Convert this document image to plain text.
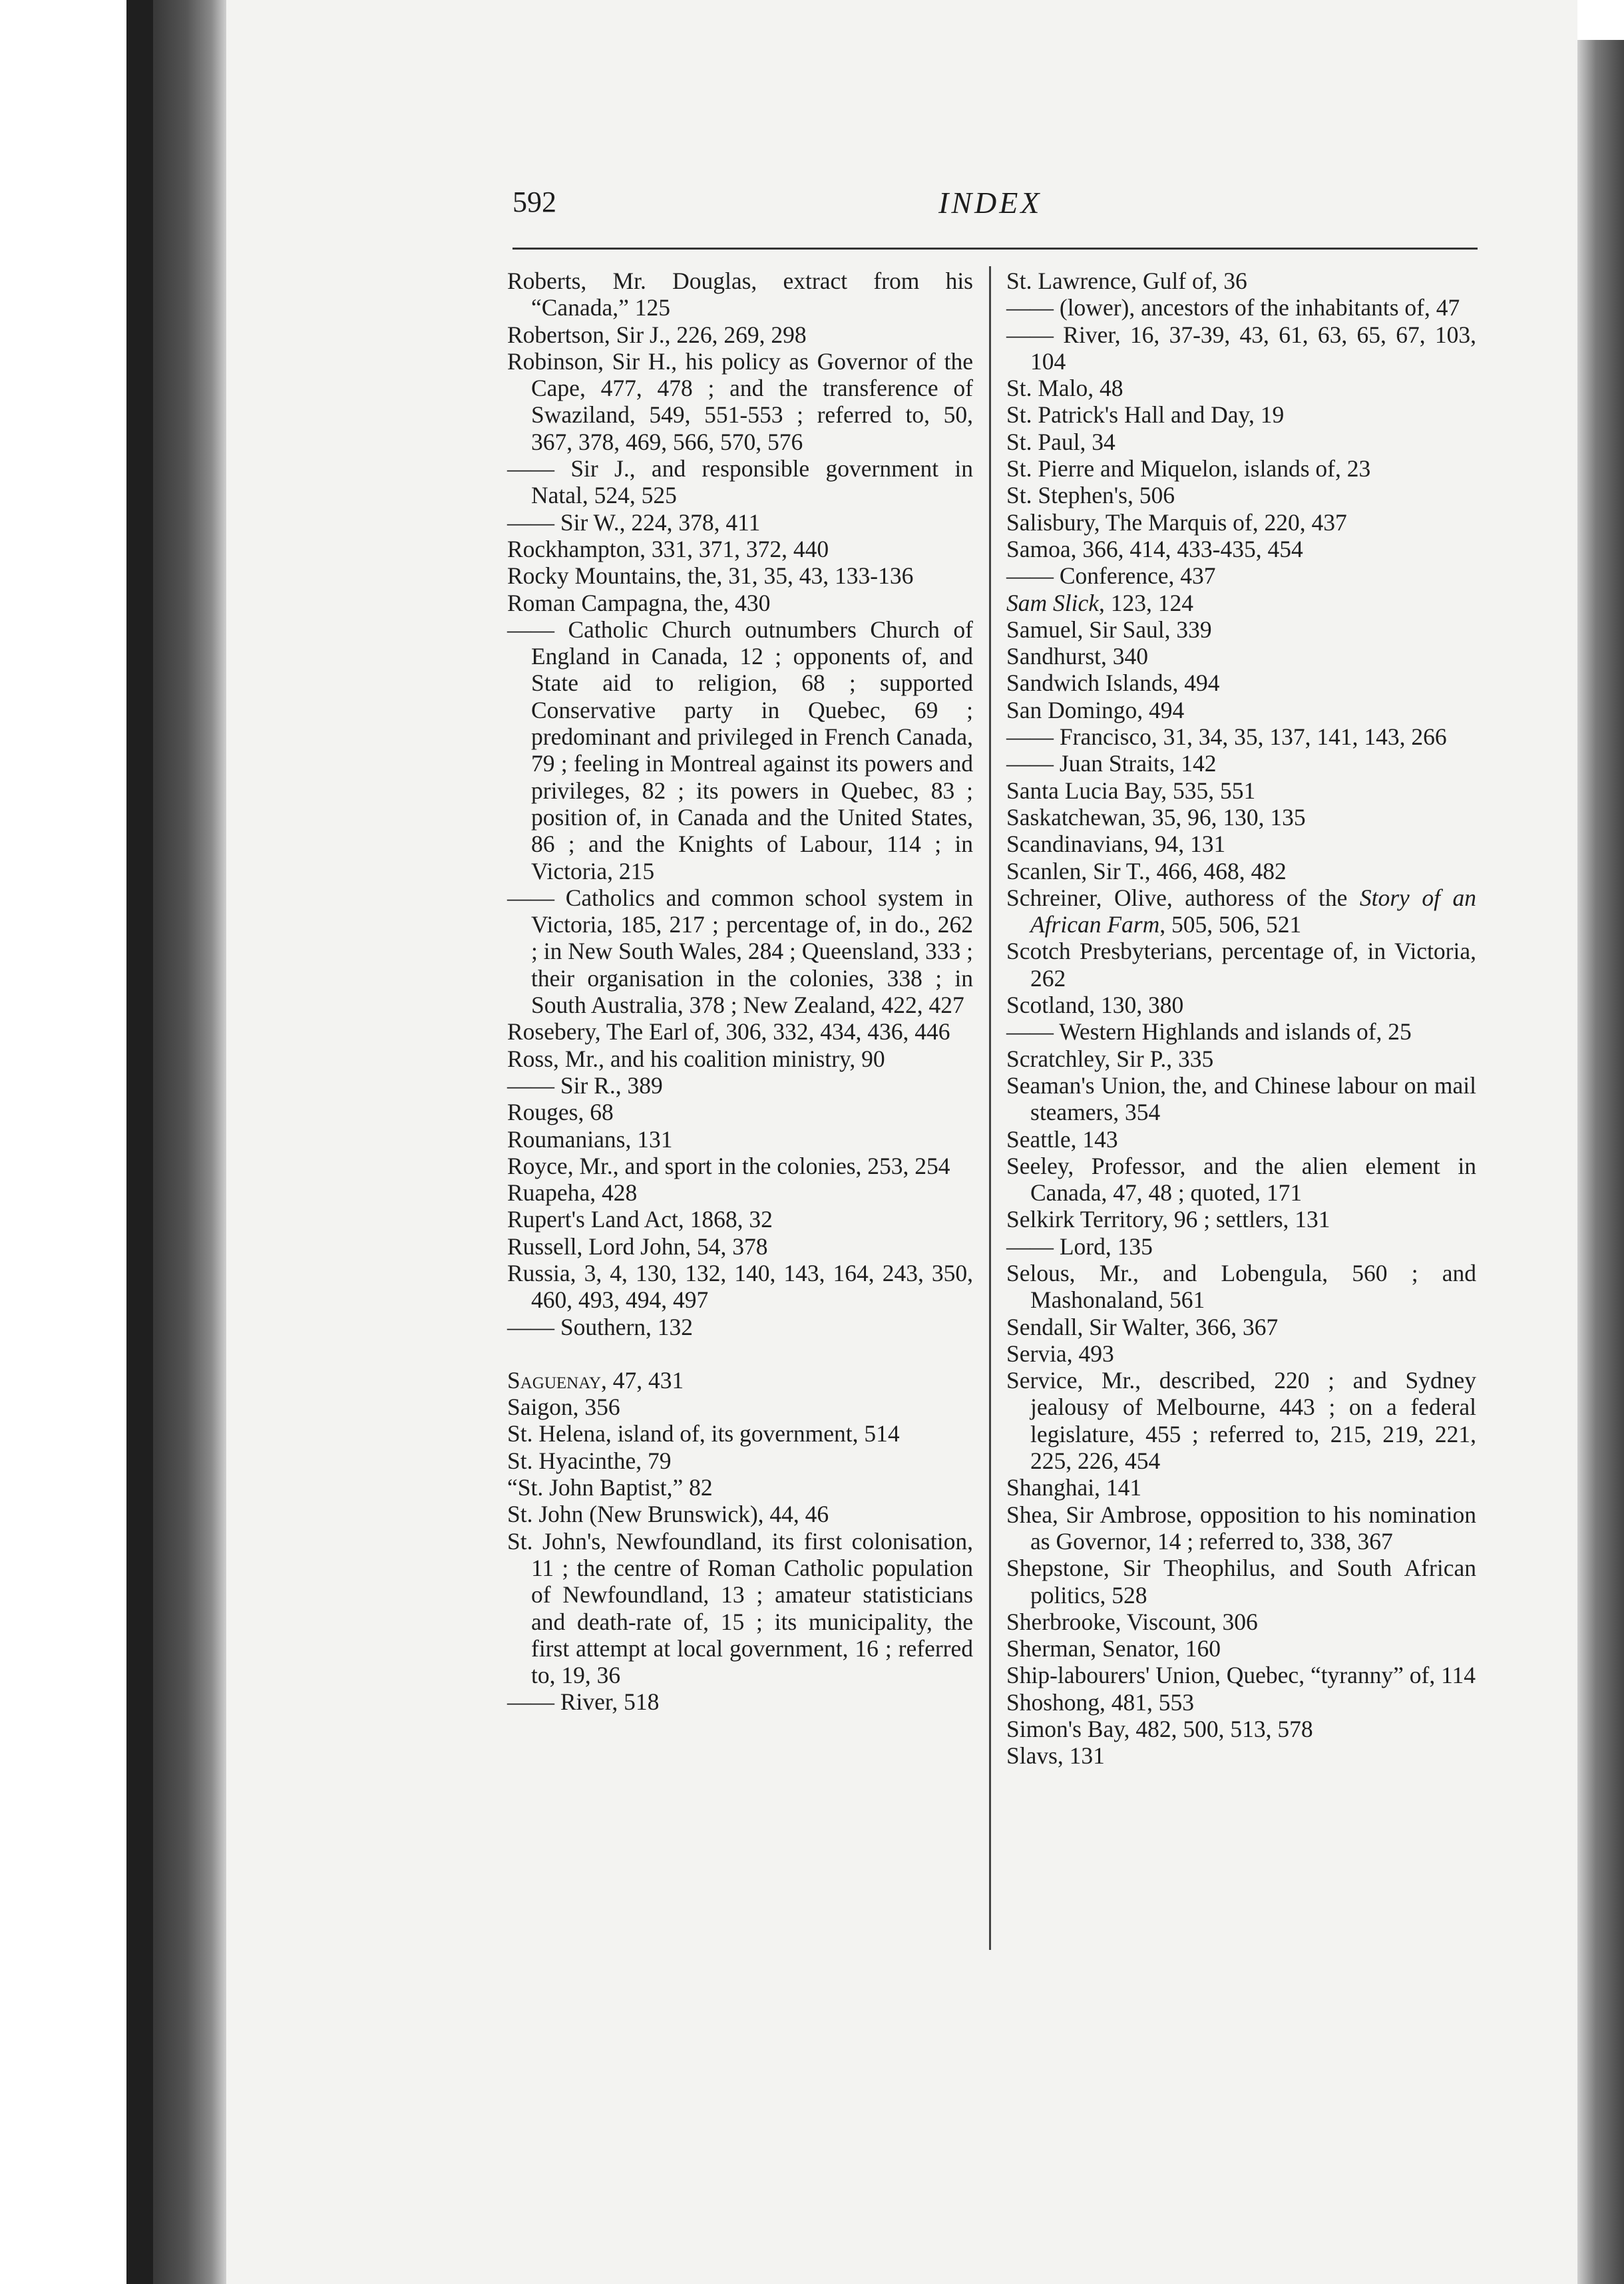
592	INDEX
Roberts, Mr. Douglas, extract from his “Canada,” 125
Robertson, Sir J., 226, 269, 298
Robinson, Sir H., his policy as Governor of the Cape, 477, 478 ; and the transference of Swaziland, 549, 551-553 ; referred to, 50, 367, 378, 469, 566, 570, 576
—— Sir J., and responsible government in Natal, 524, 525
—— Sir W., 224, 378, 411
Rockhampton, 331, 371, 372, 440
Rocky Mountains, the, 31, 35, 43, 133-136
Roman Campagna, the, 430
—— Catholic Church outnumbers Church of England in Canada, 12 ; opponents of, and State aid to religion, 68 ; supported Conservative party in Quebec, 69 ; predominant and privileged in French Canada, 79 ; feeling in Montreal against its powers and privileges, 82 ; its powers in Quebec, 83 ; position of, in Canada and the United States, 86 ; and the Knights of Labour, 114 ; in Victoria, 215
—— Catholics and common school system in Victoria, 185, 217 ; percentage of, in do., 262 ; in New South Wales, 284 ; Queensland, 333 ; their organisation in the colonies, 338 ; in South Australia, 378 ; New Zealand, 422, 427
Rosebery, The Earl of, 306, 332, 434, 436, 446
Ross, Mr., and his coalition ministry, 90
—— Sir R., 389
Rouges, 68
Roumanians, 131
Royce, Mr., and sport in the colonies, 253, 254
Ruapeha, 428
Rupert's Land Act, 1868, 32
Russell, Lord John, 54, 378
Russia, 3, 4, 130, 132, 140, 143, 164, 243, 350, 460, 493, 494, 497
—— Southern, 132
Saguenay, 47, 431
Saigon, 356
St. Helena, island of, its government, 514
St. Hyacinthe, 79
“St. John Baptist,” 82
St. John (New Brunswick), 44, 46
St. John's, Newfoundland, its first colonisation, 11 ; the centre of Roman Catholic population of Newfoundland, 13 ; amateur statisticians and death-rate of, 15 ; its municipality, the first attempt at local government, 16 ; referred to, 19, 36
—— River, 518
St. Lawrence, Gulf of, 36
—— (lower), ancestors of the inhabitants of, 47
—— River, 16, 37-39, 43, 61, 63, 65, 67, 103, 104
St. Malo, 48
St. Patrick's Hall and Day, 19
St. Paul, 34
St. Pierre and Miquelon, islands of, 23
St. Stephen's, 506
Salisbury, The Marquis of, 220, 437
Samoa, 366, 414, 433-435, 454
—— Conference, 437
Sam Slick, 123, 124
Samuel, Sir Saul, 339
Sandhurst, 340
Sandwich Islands, 494
San Domingo, 494
—— Francisco, 31, 34, 35, 137, 141, 143, 266
—— Juan Straits, 142
Santa Lucia Bay, 535, 551
Saskatchewan, 35, 96, 130, 135
Scandinavians, 94, 131
Scanlen, Sir T., 466, 468, 482
Schreiner, Olive, authoress of the Story of an African Farm, 505, 506, 521
Scotch Presbyterians, percentage of, in Victoria, 262
Scotland, 130, 380
—— Western Highlands and islands of, 25
Scratchley, Sir P., 335
Seaman's Union, the, and Chinese labour on mail steamers, 354
Seattle, 143
Seeley, Professor, and the alien element in Canada, 47, 48 ; quoted, 171
Selkirk Territory, 96 ; settlers, 131
—— Lord, 135
Selous, Mr., and Lobengula, 560 ; and Mashonaland, 561
Sendall, Sir Walter, 366, 367
Servia, 493
Service, Mr., described, 220 ; and Sydney jealousy of Melbourne, 443 ; on a federal legislature, 455 ; referred to, 215, 219, 221, 225, 226, 454
Shanghai, 141
Shea, Sir Ambrose, opposition to his nomination as Governor, 14 ; referred to, 338, 367
Shepstone, Sir Theophilus, and South African politics, 528
Sherbrooke, Viscount, 306
Sherman, Senator, 160
Ship-labourers' Union, Quebec, “tyranny” of, 114
Shoshong, 481, 553
Simon's Bay, 482, 500, 513, 578
Slavs, 131
